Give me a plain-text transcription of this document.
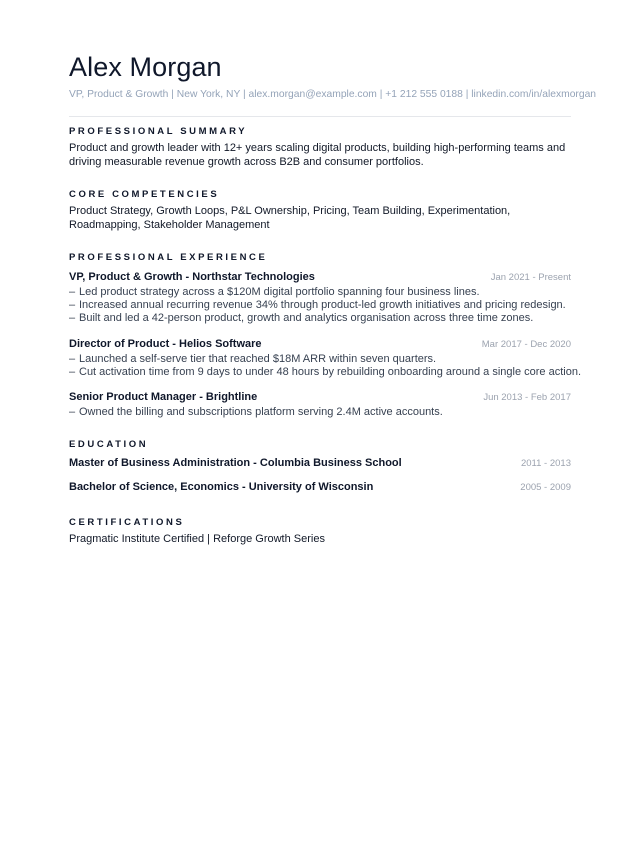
Alex Morgan
VP, Product & Growth | New York, NY | alex.morgan@example.com | +1 212 555 0188 | linkedin.com/in/alexmorgan
PROFESSIONAL SUMMARY
Product and growth leader with 12+ years scaling digital products, building high-performing teams and driving measurable revenue growth across B2B and consumer portfolios.
CORE COMPETENCIES
Product Strategy, Growth Loops, P&L Ownership, Pricing, Team Building, Experimentation, Roadmapping, Stakeholder Management
PROFESSIONAL EXPERIENCE
VP, Product & Growth - Northstar Technologies	Jan 2021 - Present
– Led product strategy across a $120M digital portfolio spanning four business lines.
– Increased annual recurring revenue 34% through product-led growth initiatives and pricing redesign.
– Built and led a 42-person product, growth and analytics organisation across three time zones.
Director of Product - Helios Software	Mar 2017 - Dec 2020
– Launched a self-serve tier that reached $18M ARR within seven quarters.
– Cut activation time from 9 days to under 48 hours by rebuilding onboarding around a single core action.
Senior Product Manager - Brightline	Jun 2013 - Feb 2017
– Owned the billing and subscriptions platform serving 2.4M active accounts.
EDUCATION
Master of Business Administration - Columbia Business School	2011 - 2013
Bachelor of Science, Economics - University of Wisconsin	2005 - 2009
CERTIFICATIONS
Pragmatic Institute Certified | Reforge Growth Series
